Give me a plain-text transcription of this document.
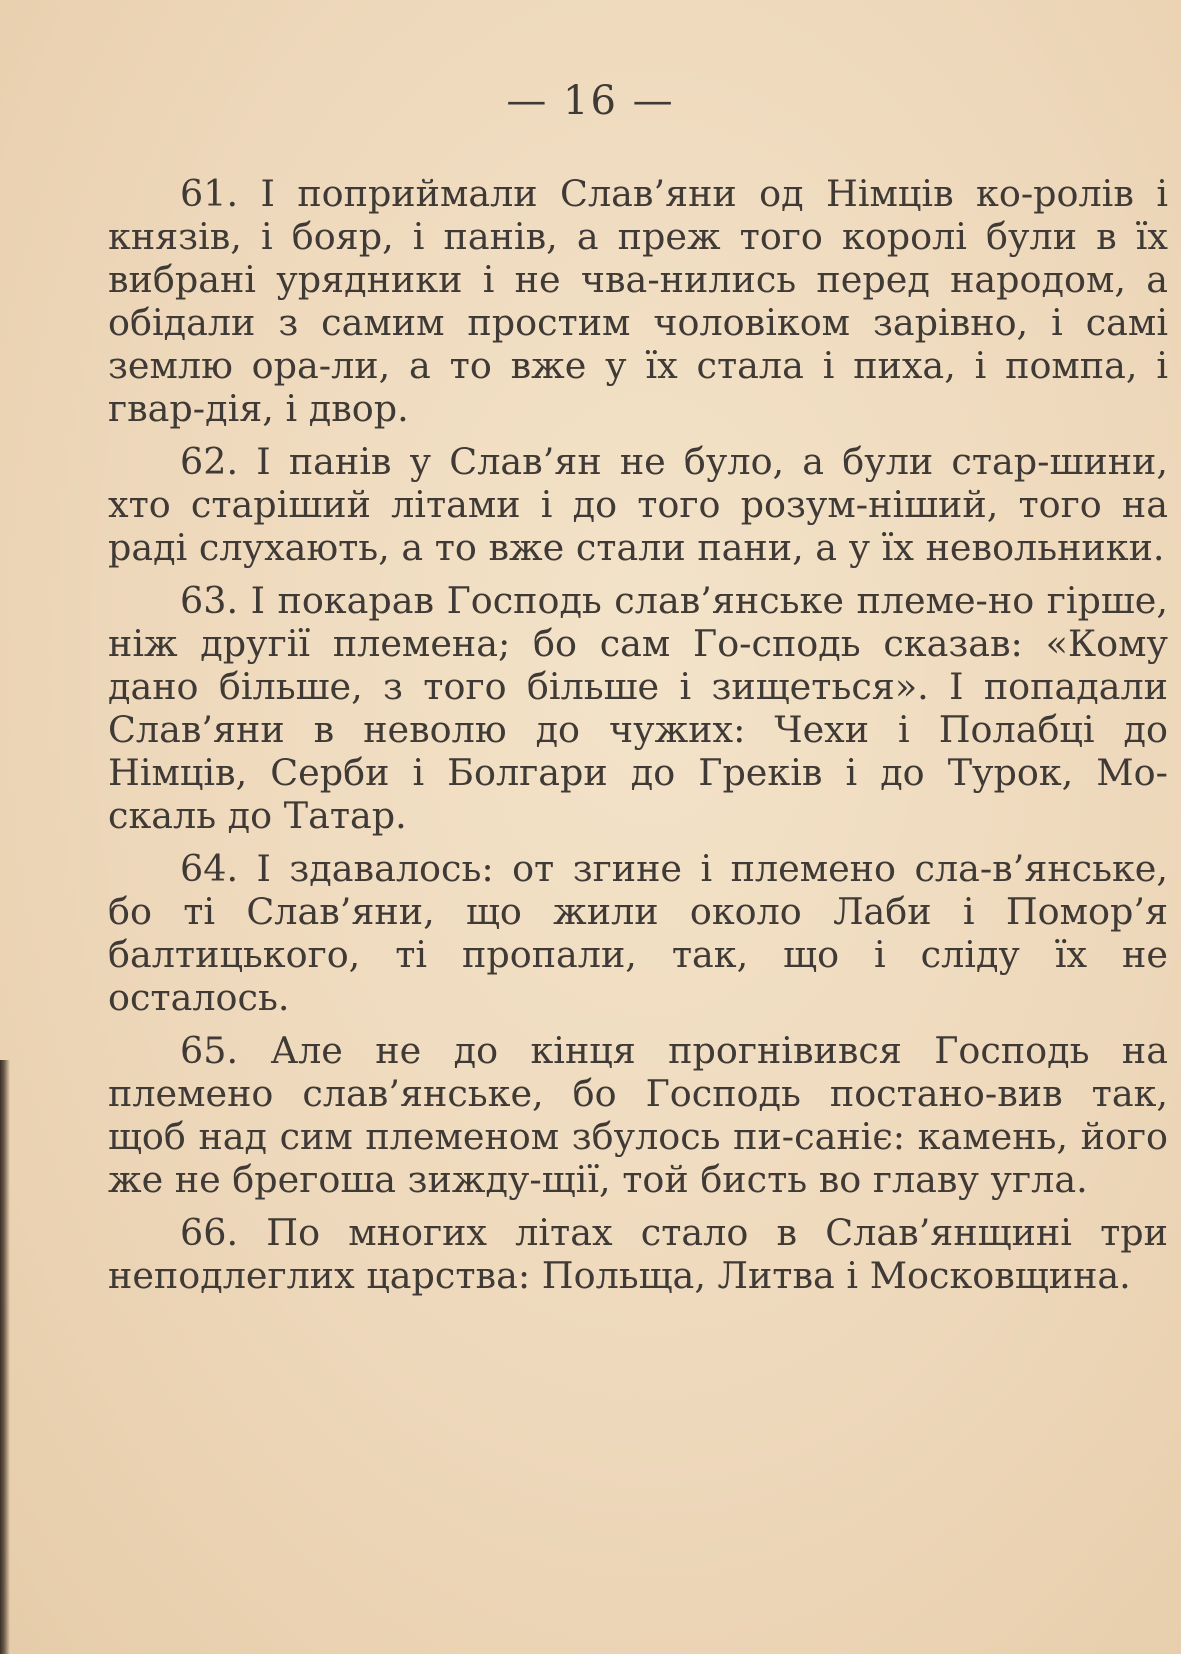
— 16 —

61. І поприймали Слав’яни од Німців ко-ролів і князів, і бояр, і панів, а преж того королі були в їх вибрані урядники і не чва-нились перед народом, а обідали з самим простим чоловіком зарівно, і самі землю ора-ли, а то вже у їх стала і пиха, і помпа, і гвар-дія, і двор.

62. І панів у Слав’ян не було, а були стар-шини, хто старіший літами і до того розум-ніший, того на раді слухають, а то вже стали пани, а у їх невольники.

63. І покарав Господь слав’янське племе-но гірше, ніж другії племена; бо сам Го-сподь сказав: «Кому дано більше, з того більше і зищеться». І попадали Слав’яни в неволю до чужих: Чехи і Полабці до Німців, Серби і Болгари до Греків і до Турок, Мо-скаль до Татар.

64. І здавалось: от згине і племено сла-в’янське, бо ті Слав’яни, що жили около Лаби і Помор’я балтицького, ті пропали, так, що і сліду їх не осталось.

65. Але не до кінця прогнівився Господь на племено слав’янське, бо Господь постано-вив так, щоб над сим племеном збулось пи-саніє: камень, його же не брегоша зижду-щії, той бисть во главу угла.

66. По многих літах стало в Слав’янщині три неподлеглих царства: Польща, Литва і Московщина.
